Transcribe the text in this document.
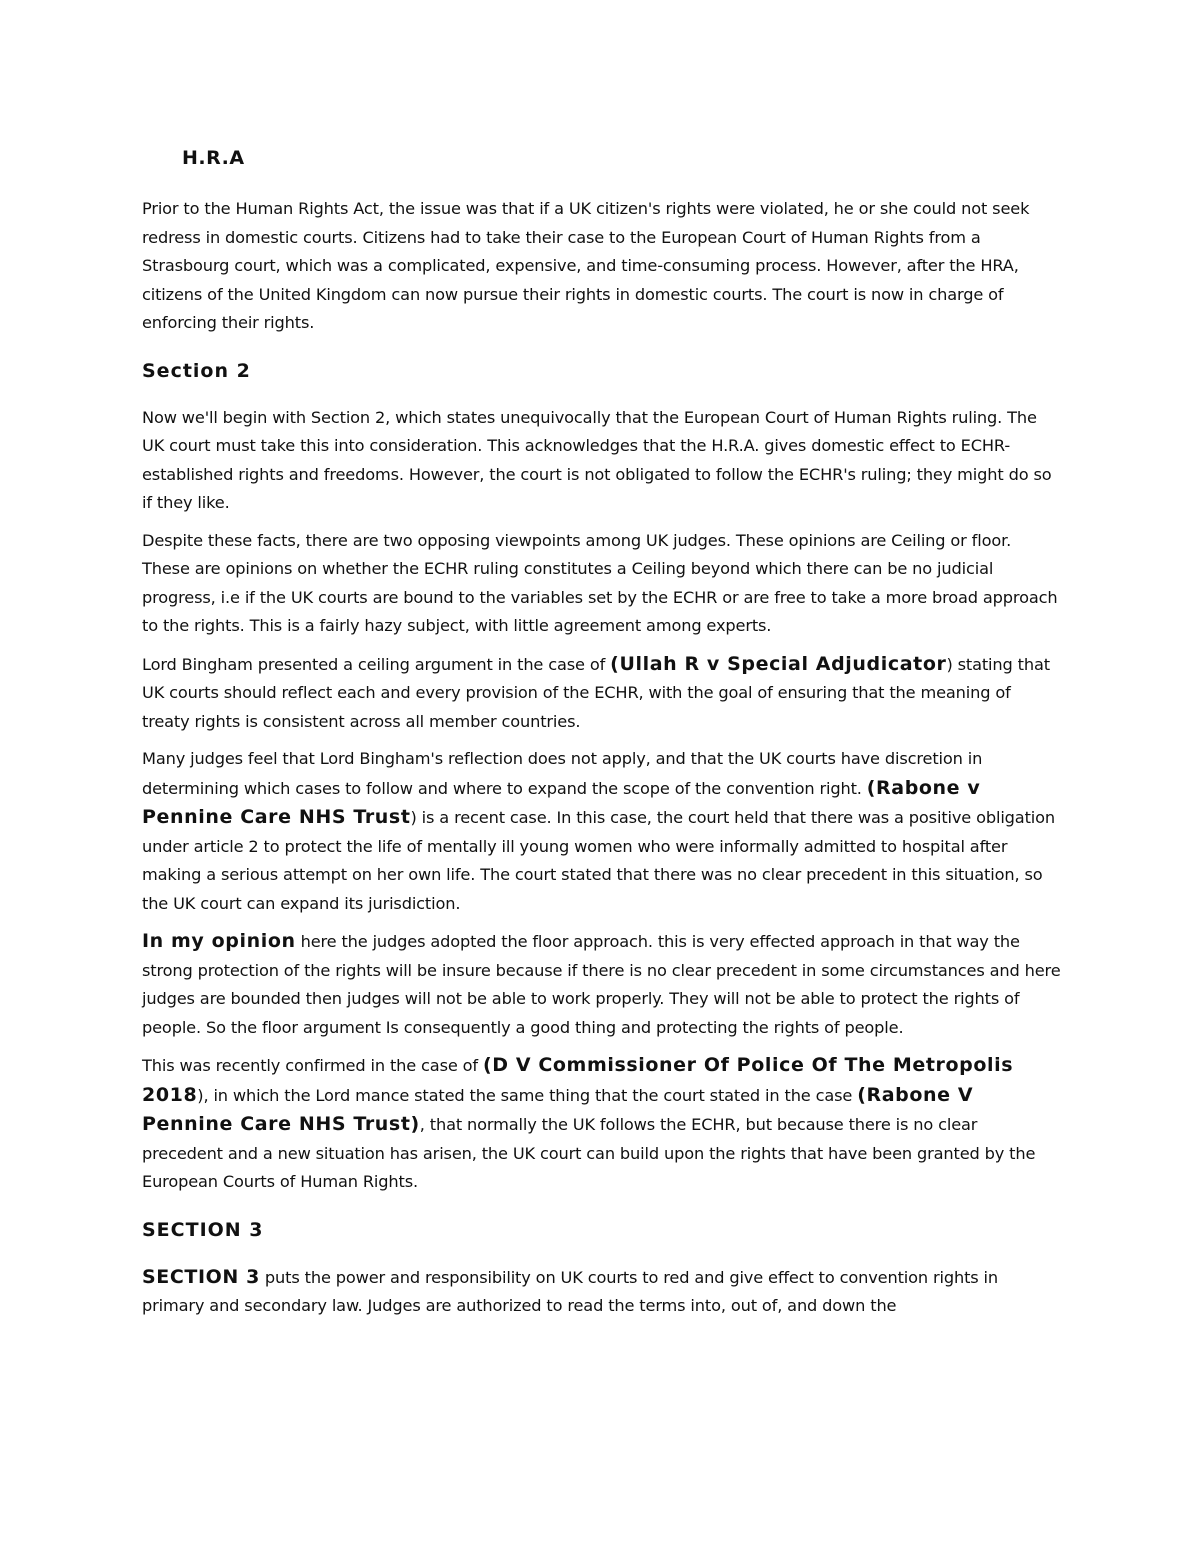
H.R.A

Prior to the Human Rights Act, the issue was that if a UK citizen's rights were violated, he or she could not seek redress in domestic courts. Citizens had to take their case to the European Court of Human Rights from a Strasbourg court, which was a complicated, expensive, and time-consuming process. However, after the HRA, citizens of the United Kingdom can now pursue their rights in domestic courts. The court is now in charge of enforcing their rights.

Section 2

Now we'll begin with Section 2, which states unequivocally that the European Court of Human Rights ruling. The UK court must take this into consideration. This acknowledges that the H.R.A. gives domestic effect to ECHR-established rights and freedoms. However, the court is not obligated to follow the ECHR's ruling; they might do so if they like.

Despite these facts, there are two opposing viewpoints among UK judges. These opinions are Ceiling or floor. These are opinions on whether the ECHR ruling constitutes a Ceiling beyond which there can be no judicial progress, i.e if the UK courts are bound to the variables set by the ECHR or are free to take a more broad approach to the rights. This is a fairly hazy subject, with little agreement among experts.

Lord Bingham presented a ceiling argument in the case of (Ullah R v Special Adjudicator) stating that UK courts should reflect each and every provision of the ECHR, with the goal of ensuring that the meaning of treaty rights is consistent across all member countries.

Many judges feel that Lord Bingham's reflection does not apply, and that the UK courts have discretion in determining which cases to follow and where to expand the scope of the convention right. (Rabone v Pennine Care NHS Trust) is a recent case. In this case, the court held that there was a positive obligation under article 2 to protect the life of mentally ill young women who were informally admitted to hospital after making a serious attempt on her own life. The court stated that there was no clear precedent in this situation, so the UK court can expand its jurisdiction.

In my opinion here the judges adopted the floor approach. this is very effected approach in that way the strong protection of the rights will be insure because if there is no clear precedent in some circumstances and here judges are bounded then judges will not be able to work properly. They will not be able to protect the rights of people. So the floor argument Is consequently a good thing and protecting the rights of people.

This was recently confirmed in the case of (D V Commissioner Of Police Of The Metropolis 2018), in which the Lord mance stated the same thing that the court stated in the case (Rabone V Pennine Care NHS Trust), that normally the UK follows the ECHR, but because there is no clear precedent and a new situation has arisen, the UK court can build upon the rights that have been granted by the European Courts of Human Rights.

SECTION 3

SECTION 3 puts the power and responsibility on UK courts to red and give effect to convention rights in primary and secondary law. Judges are authorized to read the terms into, out of, and down the
